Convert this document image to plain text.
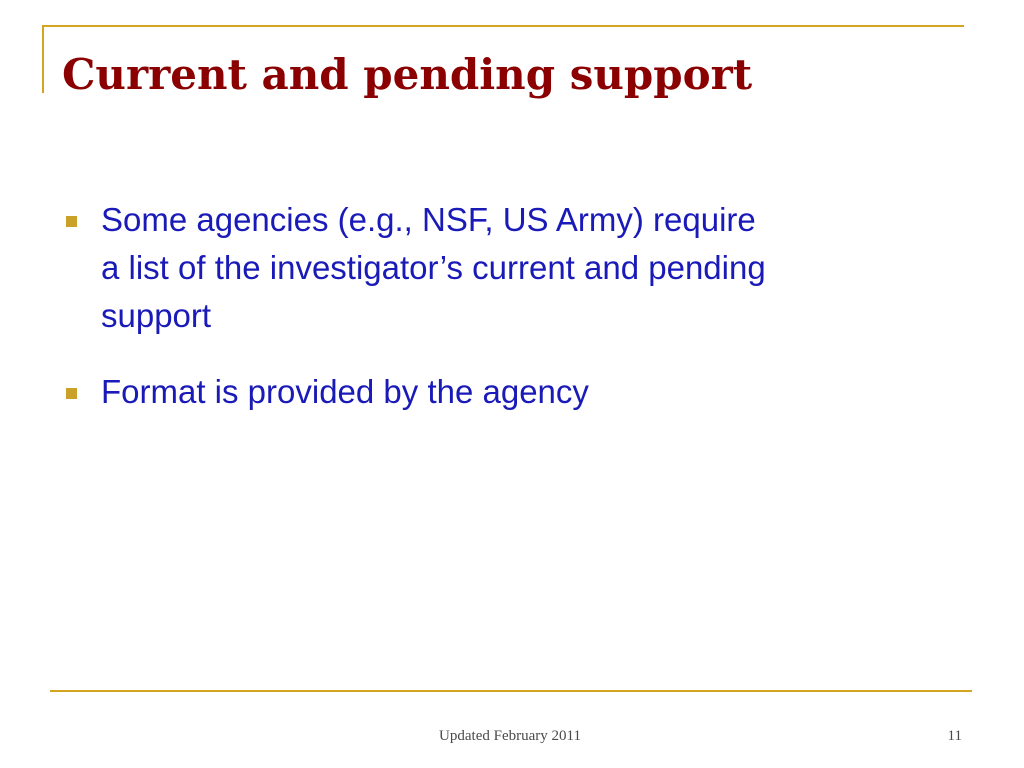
Current and pending support
Some agencies (e.g., NSF, US Army) require
a list of the investigator’s current and pending
support
Format is provided by the agency
Updated February 2011	11
